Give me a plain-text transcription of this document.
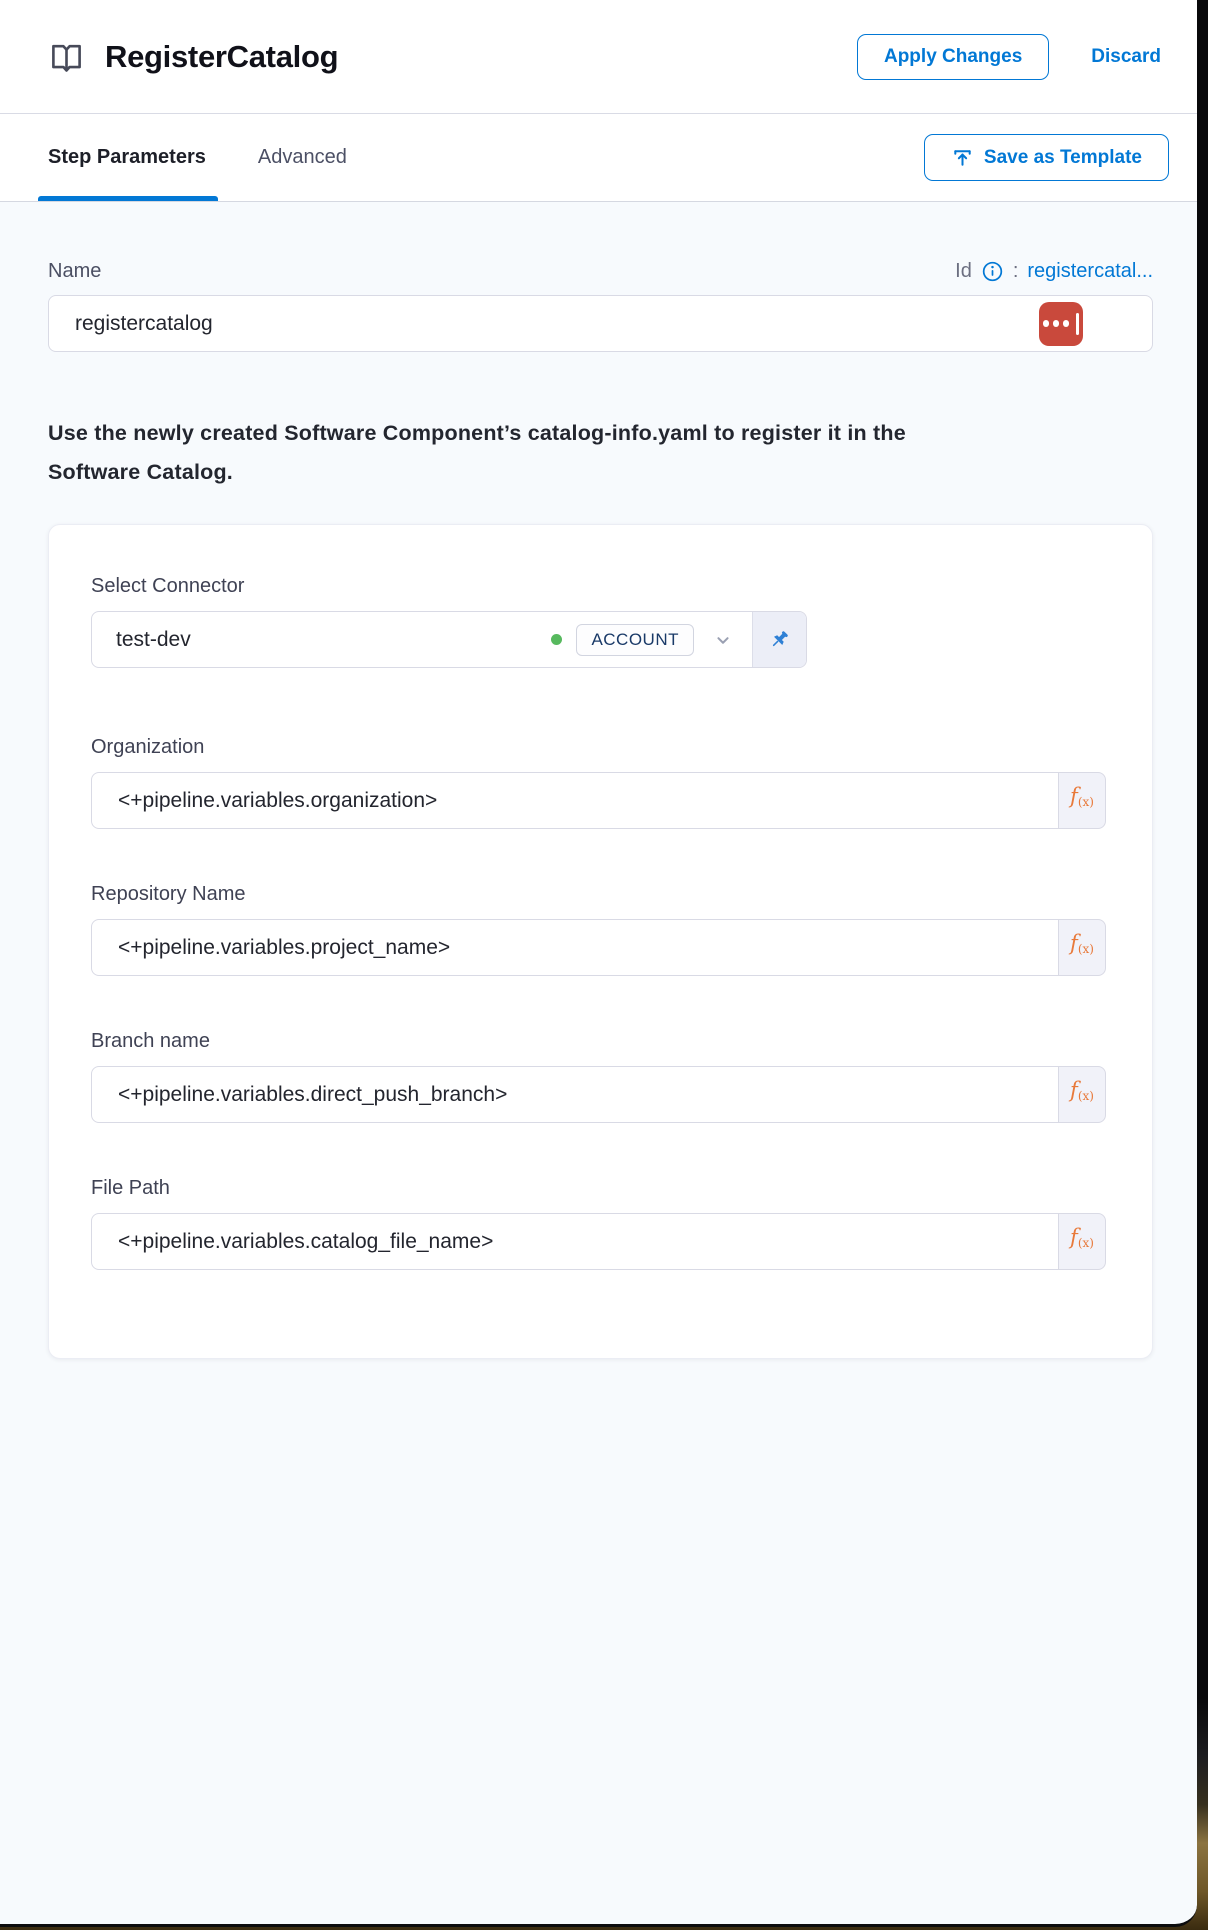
RegisterCatalog	Apply Changes	Discard
Step Parameters	Advanced	Save as Template
Name	Id : registercatal...
registercatalog

Use the newly created Software Component’s catalog-info.yaml to register it in the Software Catalog.

Select Connector
test-dev	ACCOUNT
Organization
<+pipeline.variables.organization>
f (x)
Repository Name
<+pipeline.variables.project_name>
f (x)
Branch name
<+pipeline.variables.direct_push_branch>
f (x)
File Path
<+pipeline.variables.catalog_file_name>
f (x)
